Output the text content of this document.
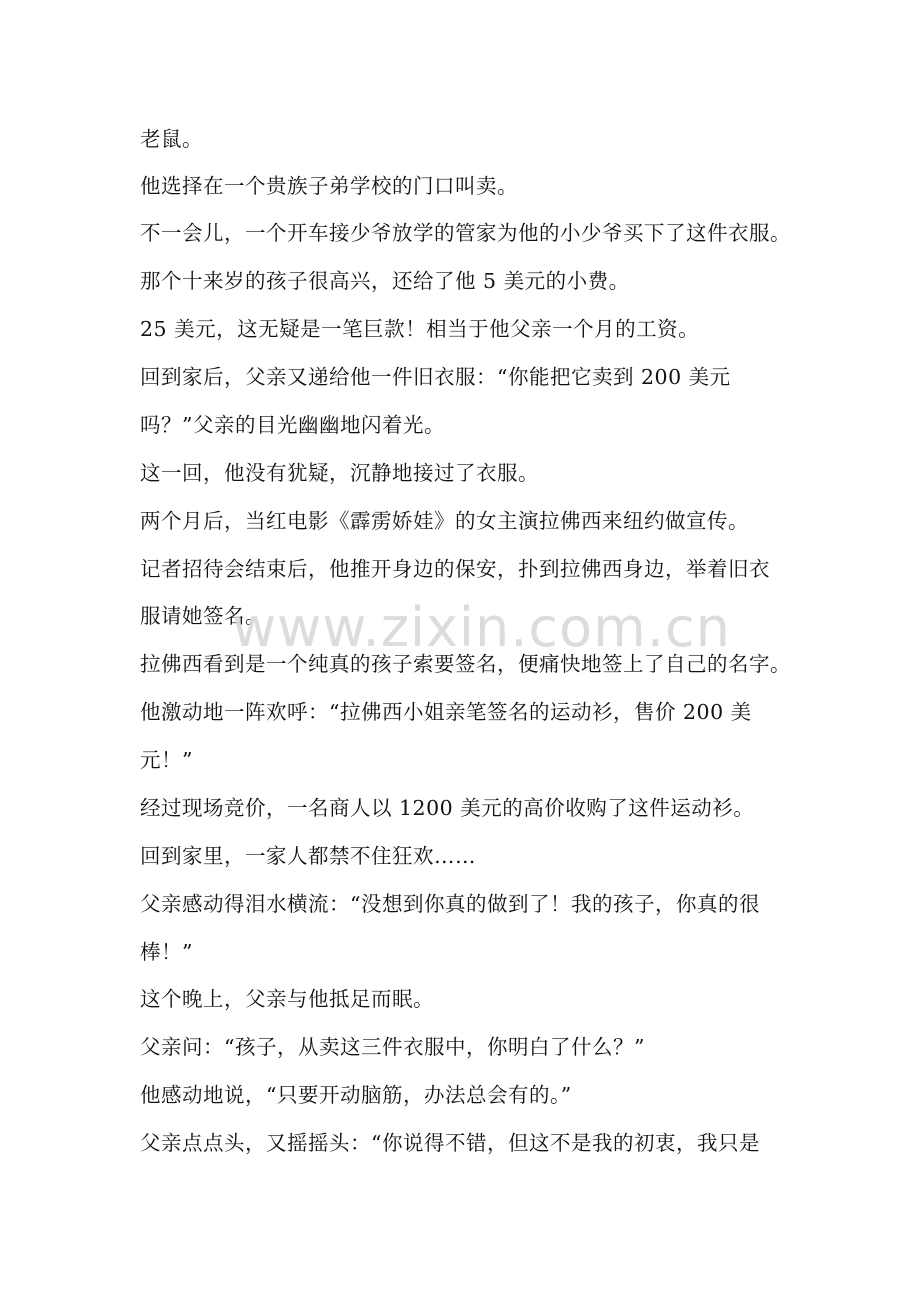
老鼠。
他选择在一个贵族子弟学校的门口叫卖。
不一会儿，一个开车接少爷放学的管家为他的小少爷买下了这件衣服。
那个十来岁的孩子很高兴，还给了他 5 美元的小费。
25 美元，这无疑是一笔巨款！相当于他父亲一个月的工资。
回到家后，父亲又递给他一件旧衣服：“你能把它卖到 200 美元
吗？”父亲的目光幽幽地闪着光。
这一回，他没有犹疑，沉静地接过了衣服。
两个月后，当红电影《霹雳娇娃》的女主演拉佛西来纽约做宣传。
记者招待会结束后，他推开身边的保安，扑到拉佛西身边，举着旧衣
服请她签名。
拉佛西看到是一个纯真的孩子索要签名，便痛快地签上了自己的名字。
他激动地一阵欢呼：“拉佛西小姐亲笔签名的运动衫，售价 200 美
元！”
经过现场竞价，一名商人以 1200 美元的高价收购了这件运动衫。
回到家里，一家人都禁不住狂欢……
父亲感动得泪水横流：“没想到你真的做到了！我的孩子，你真的很
棒！”
这个晚上，父亲与他抵足而眠。
父亲问：“孩子，从卖这三件衣服中，你明白了什么？”
他感动地说，“只要开动脑筋，办法总会有的。”
父亲点点头，又摇摇头：“你说得不错，但这不是我的初衷，我只是
www.zixin.com.cn
